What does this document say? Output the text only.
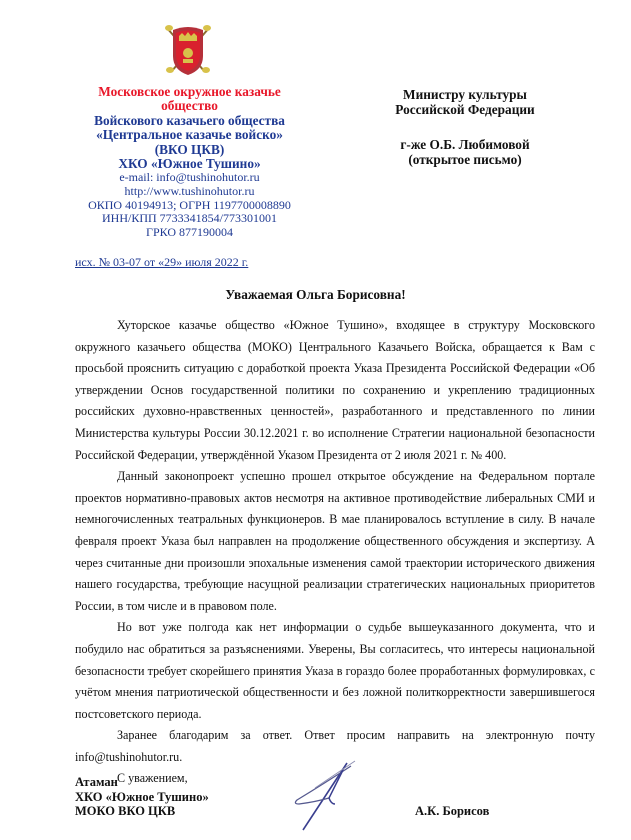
Московское окружное казачье
общество
Войскового казачьего общества
«Центральное казачье войско»
(ВКО ЦКВ)
ХКО «Южное Тушино»
e-mail: info@tushinohutor.ru
http://www.tushinohutor.ru
ОКПО 40194913; ОГРН 1197700008890
ИНН/КПП 7733341854/773301001
ГРКО 877190004
Министру культуры
Российской Федерации
г-же О.Б. Любимовой
(открытое письмо)
исх. № 03-07 от «29» июля 2022 г.
Уважаемая Ольга Борисовна!

Хуторское казачье общество «Южное Тушино», входящее в структуру Московского окружного казачьего общества (МОКО) Центрального Казачьего Войска, обращается к Вам с просьбой прояснить ситуацию с доработкой проекта Указа Президента Российской Федерации «Об утверждении Основ государственной политики по сохранению и укреплению традиционных российских духовно-нравственных ценностей», разработанного и представленного по линии Министерства культуры России 30.12.2021 г. во исполнение Стратегии национальной безопасности Российской Федерации, утверждённой Указом Президента от 2 июля 2021 г. № 400.

Данный законопроект успешно прошел открытое обсуждение на Федеральном портале проектов нормативно-правовых актов несмотря на активное противодействие либеральных СМИ и немногочисленных театральных функционеров. В мае планировалось вступление в силу. В начале февраля проект Указа был направлен на продолжение общественного обсуждения и экспертизу. А через считанные дни произошли эпохальные изменения самой траектории исторического движения нашего государства, требующие насущной реализации стратегических национальных приоритетов России, в том числе и в правовом поле.

Но вот уже полгода как нет информации о судьбе вышеуказанного документа, что и побудило нас обратиться за разъяснениями. Уверены, Вы согласитесь, что интересы национальной безопасности требует скорейшего принятия Указа в гораздо более проработанных формулировках, с учётом мнения патриотической общественности и без ложной политкорректности завершившегося постсоветского периода.

Заранее благодарим за ответ. Ответ просим направить на электронную почту info@tushinohutor.ru.

С уважением,

Атаман
ХКО «Южное Тушино»
МОКО ВКО ЦКВ	А.К. Борисов
